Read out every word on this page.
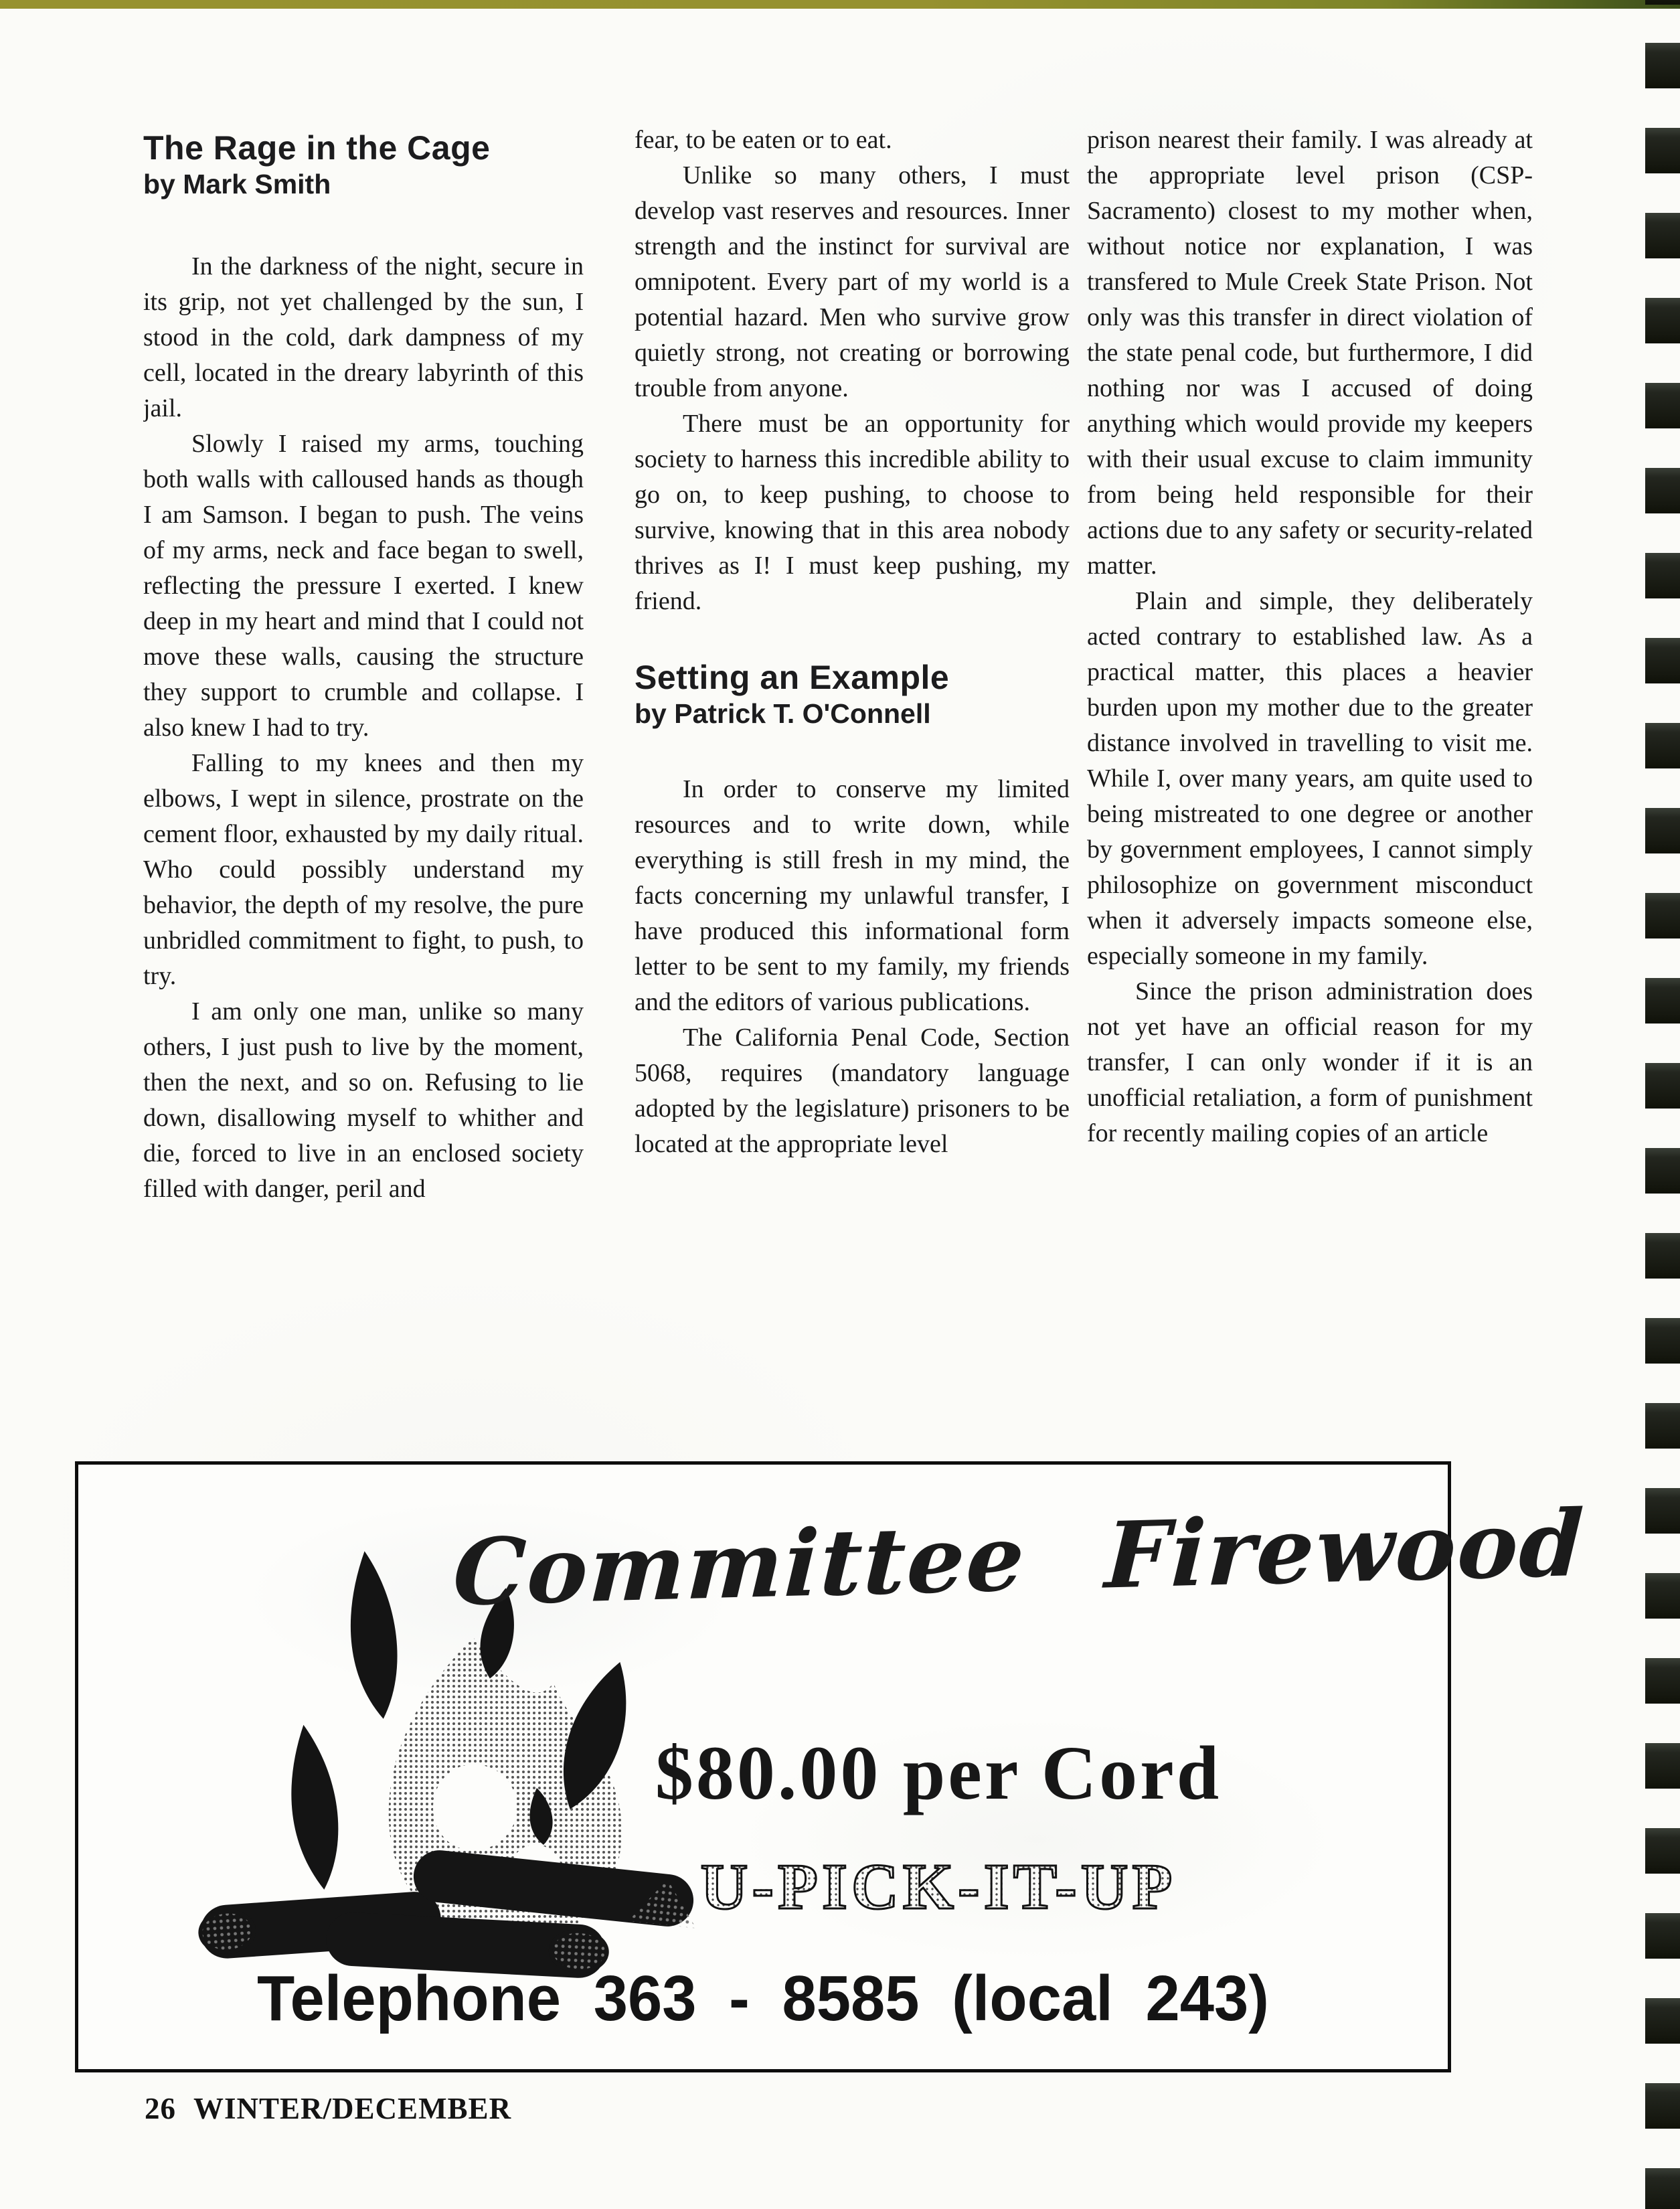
The Rage in the Cage
by Mark Smith

In the darkness of the night, secure in its grip, not yet challenged by the sun, I stood in the cold, dark dampness of my cell, located in the dreary labyrinth of this jail.

Slowly I raised my arms, touching both walls with calloused hands as though I am Samson. I began to push. The veins of my arms, neck and face began to swell, reflecting the pressure I exerted. I knew deep in my heart and mind that I could not move these walls, causing the structure they support to crumble and collapse. I also knew I had to try.

Falling to my knees and then my elbows, I wept in silence, prostrate on the cement floor, exhausted by my daily ritual. Who could possibly understand my behavior, the depth of my resolve, the pure unbridled commitment to fight, to push, to try.

I am only one man, unlike so many others, I just push to live by the moment, then the next, and so on. Refusing to lie down, disallowing myself to whither and die, forced to live in an enclosed society filled with danger, peril and

fear, to be eaten or to eat.

Unlike so many others, I must develop vast reserves and resources. Inner strength and the instinct for survival are omnipotent. Every part of my world is a potential hazard. Men who survive grow quietly strong, not creating or borrowing trouble from anyone.

There must be an opportunity for society to harness this incredible ability to go on, to keep pushing, to choose to survive, knowing that in this area nobody thrives as I! I must keep pushing, my friend.

Setting an Example
by Patrick T. O'Connell

In order to conserve my limited resources and to write down, while everything is still fresh in my mind, the facts concerning my unlawful transfer, I have produced this informational form letter to be sent to my family, my friends and the editors of various publications.

The California Penal Code, Section 5068, requires (mandatory language adopted by the legislature) prisoners to be located at the appropriate level

prison nearest their family. I was already at the appropriate level prison (CSP-Sacramento) closest to my mother when, without notice nor explanation, I was transfered to Mule Creek State Prison. Not only was this transfer in direct violation of the state penal code, but furthermore, I did nothing nor was I accused of doing anything which would provide my keepers with their usual excuse to claim immunity from being held responsible for their actions due to any safety or security-related matter.

Plain and simple, they deliberately acted contrary to established law. As a practical matter, this places a heavier burden upon my mother due to the greater distance involved in travelling to visit me. While I, over many years, am quite used to being mistreated to one degree or another by government employees, I cannot simply philosophize on government misconduct when it adversely impacts someone else, especially someone in my family.

Since the prison administration does not yet have an official reason for my transfer, I can only wonder if it is an unofficial retaliation, a form of punishment for recently mailing copies of an article

Committee Firewood
$80.00 per Cord
U-PICK-IT-UP
Telephone 363 - 8585 (local 243)
26 WINTER/DECEMBER
